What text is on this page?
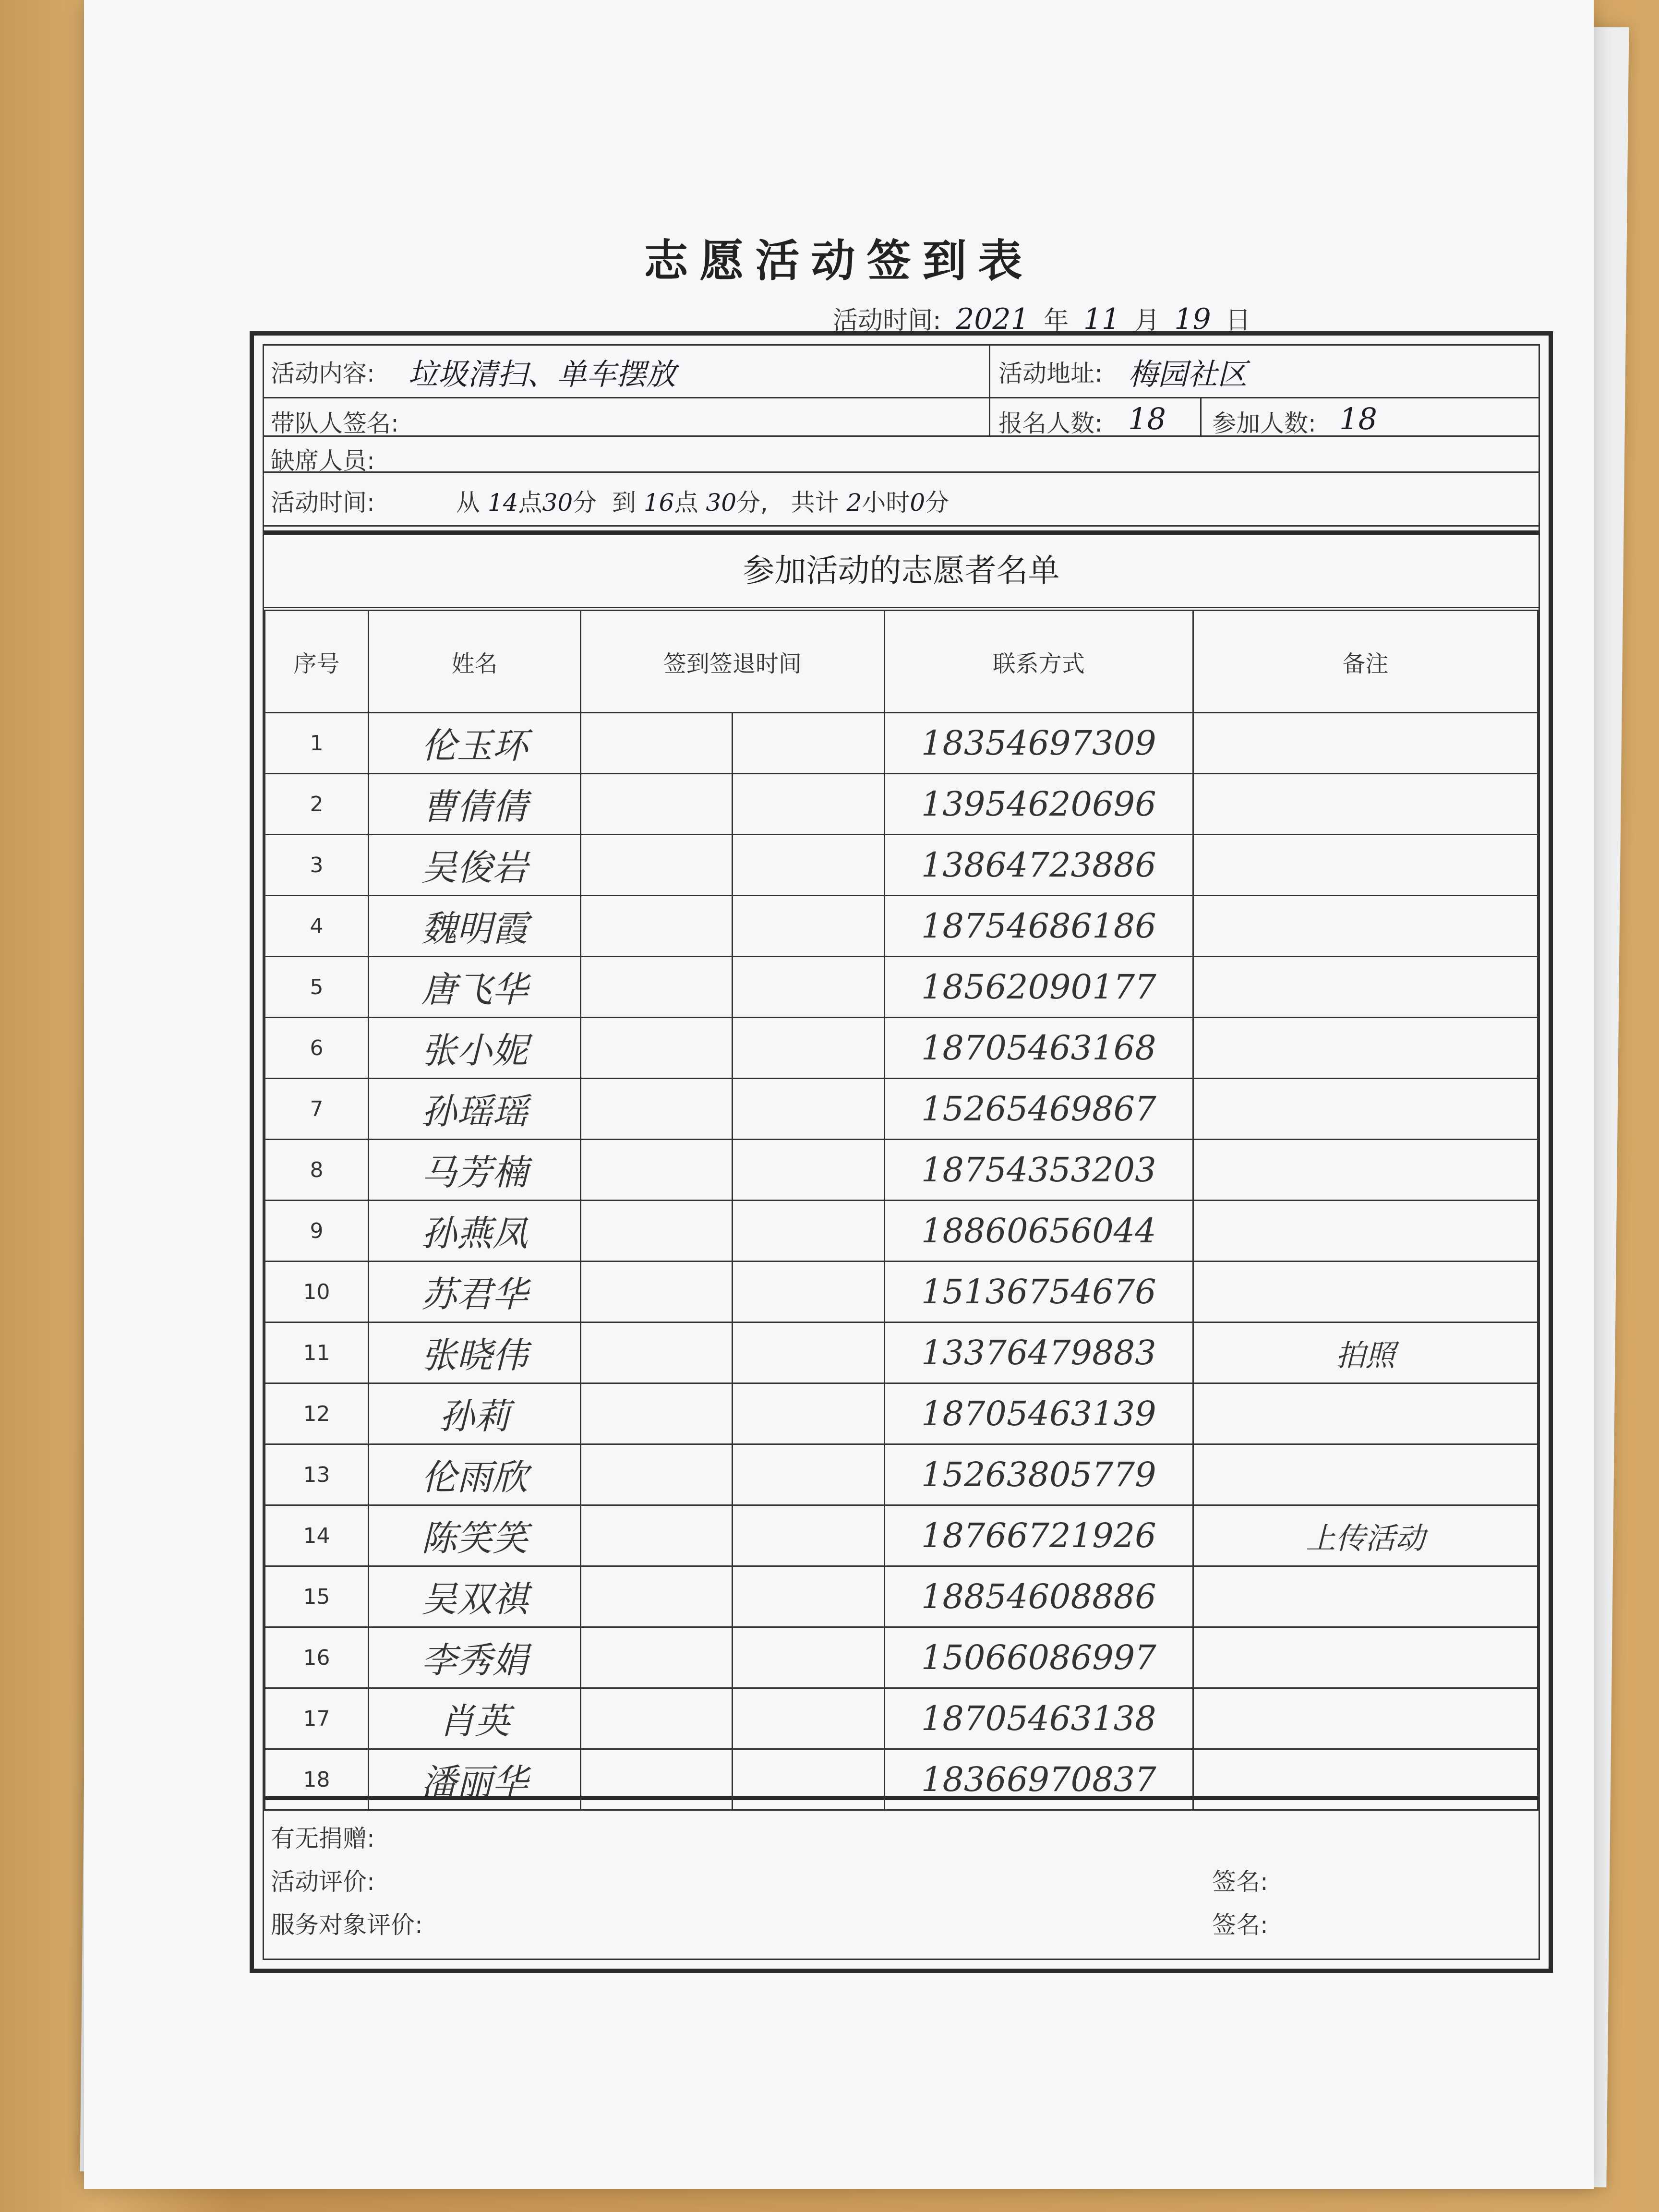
志愿活动签到表
活动时间: 2021 年 11 月 19 日
活动内容: 垃圾清扫、单车摆放	活动地址: 梅园社区
带队人签名:	报名人数: 18 参加人数: 18
缺席人员:
活动时间:	从 14点30分 到 16点 30分, 共计 2小时0分
参加活动的志愿者名单
序号	姓名	签到签退时间		联系方式	备注
1	伦玉环			18354697309	
2	曹倩倩			13954620696	
3	吴俊岩			13864723886	
4	魏明霞			18754686186	
5	唐飞华			18562090177	
6	张小妮			18705463168	
7	孙瑶瑶			15265469867	
8	马芳楠			18754353203	
9	孙燕凤			18860656044	
10	苏君华			15136754676	
11	张晓伟			13376479883	拍照
12	孙莉			18705463139	
13	伦雨欣			15263805779	
14	陈笑笑			18766721926	上传活动
15	吴双祺			18854608886	
16	李秀娟			15066086997	
17	肖英			18705463138	
18	潘丽华			18366970837	
有无捐赠:
活动评价:	签名:
服务对象评价:	签名:
